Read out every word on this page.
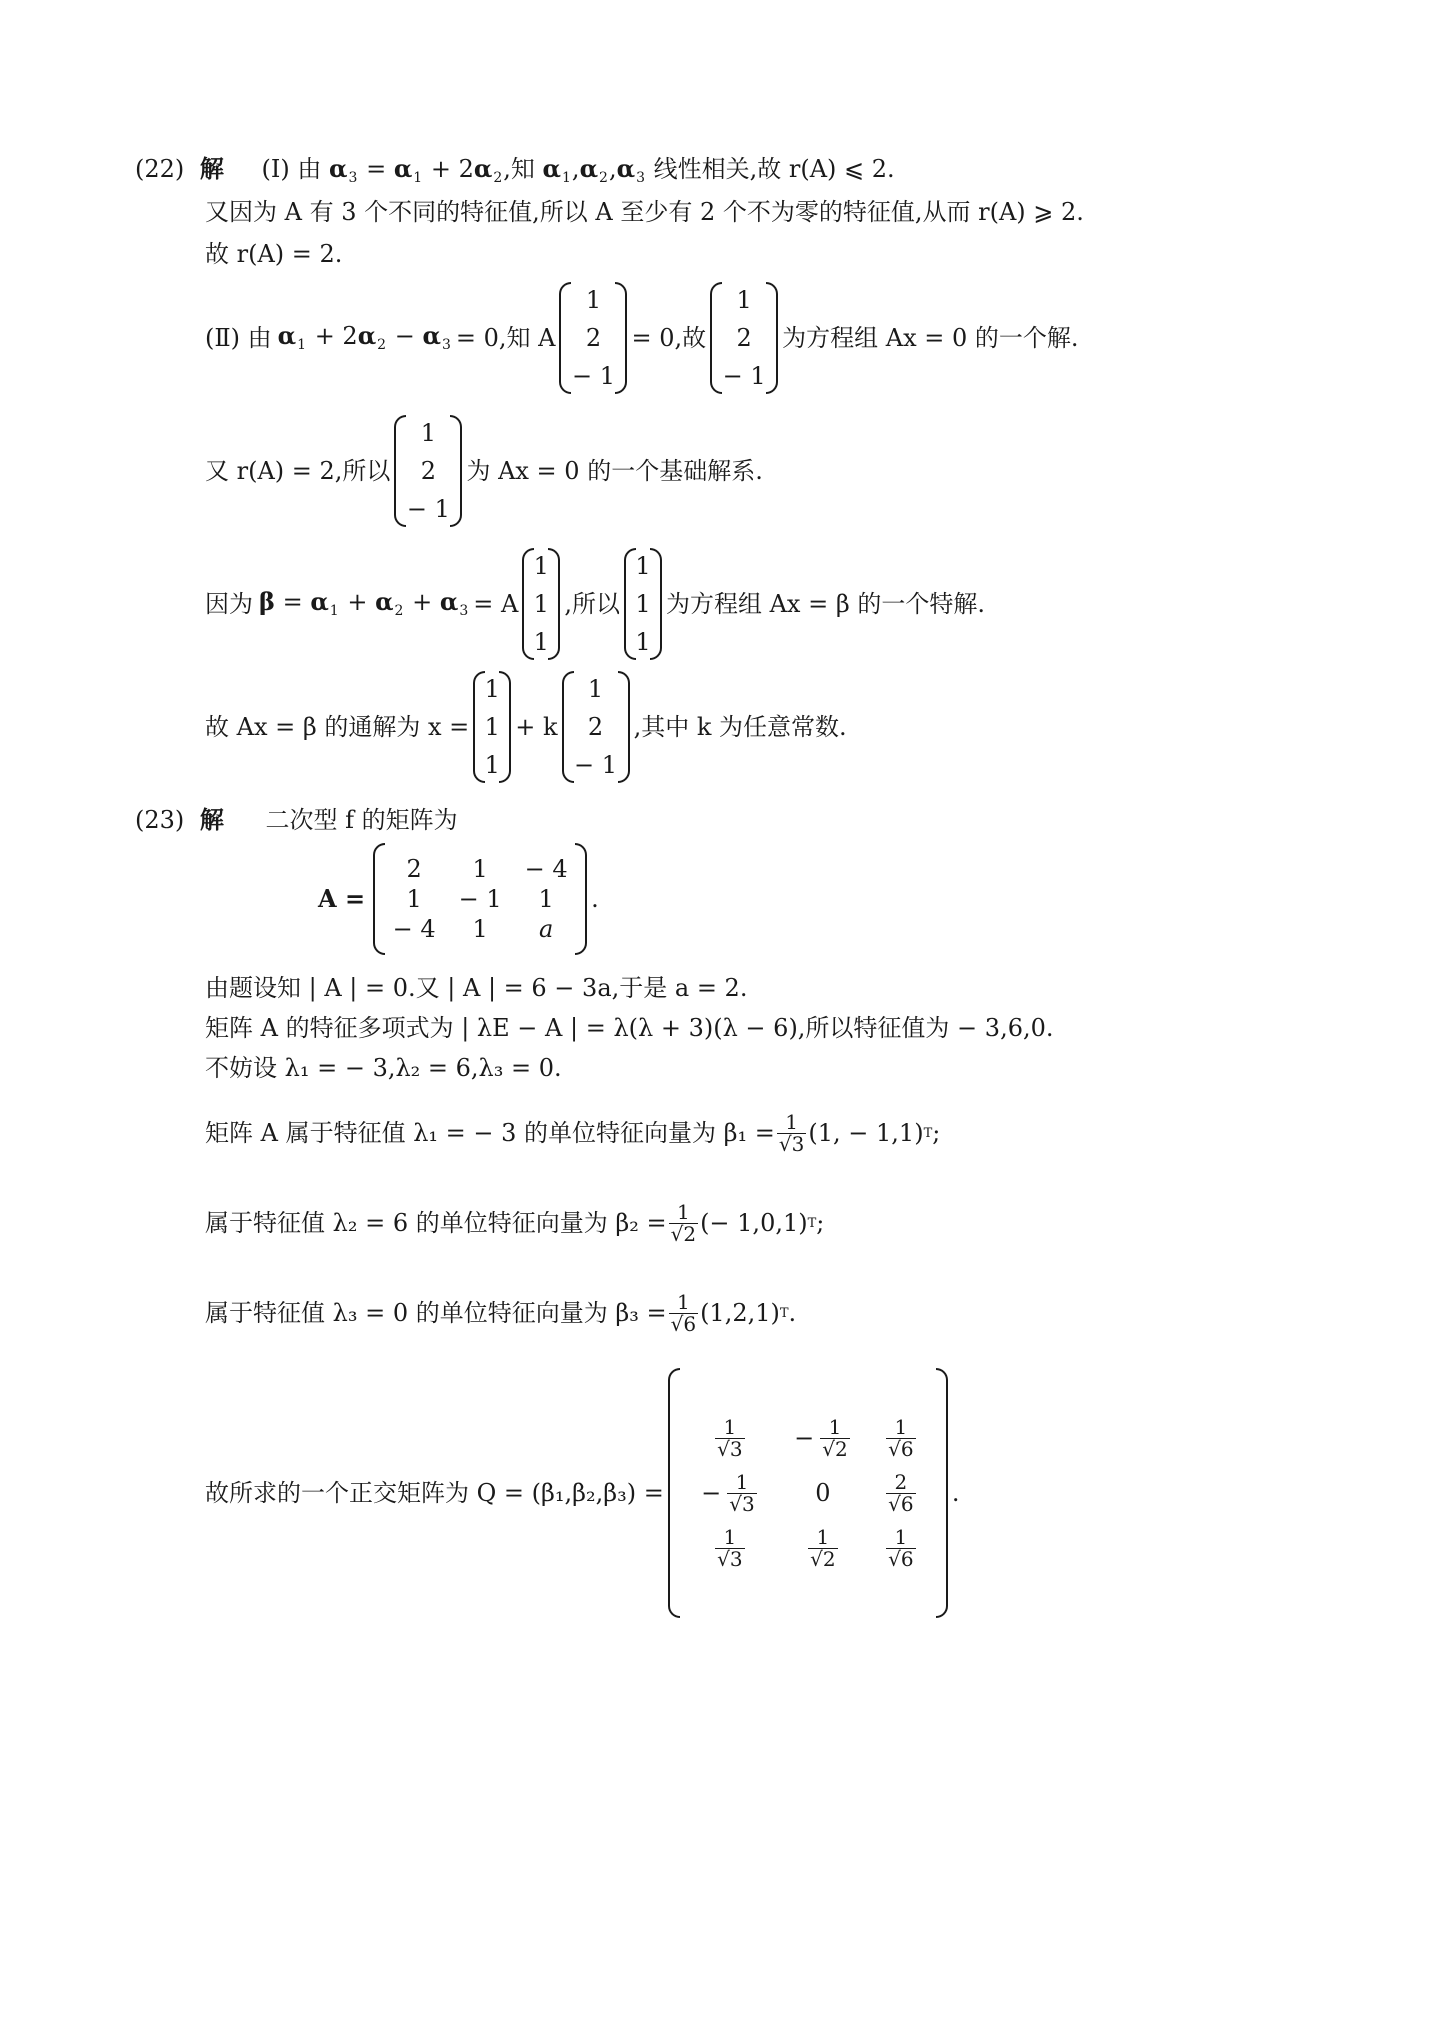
(22) 解 (Ⅰ) 由 $\alpha_3 = \alpha_1 + 2\alpha_2$,知 $\alpha_1,\alpha_2,\alpha_3$ 线性相关,故 r(A) ⩽ 2.
又因为 A 有 3 个不同的特征值,所以 A 至少有 2 个不为零的特征值,从而 r(A) ⩾ 2.
故 r(A) = 2.
(Ⅱ) 由 $\alpha_1 + 2\alpha_2 - \alpha_3 = 0$,知 A
1
2
− 1
= 0,故
1
2
− 1
为方程组 Ax = 0 的一个解.
又 r(A) = 2,所以
1
2
− 1
为 Ax = 0 的一个基础解系.
因为 $\beta = \alpha_1 + \alpha_2 + \alpha_3 = A$
1
1
1
,所以
1
1
1
为方程组 Ax = β 的一个特解.
故 Ax = β 的通解为 x =
1
1
1
+ k
1
2
− 1
,其中 k 为任意常数.
(23) 解 二次型 f 的矩阵为
A =
2 1 − 4
1 − 1 1
− 4 1 a
.
由题设知 | A | = 0.又 | A | = 6 − 3a,于是 a = 2.
矩阵 A 的特征多项式为 | λE − A | = λ(λ + 3)(λ − 6),所以特征值为 − 3,6,0.
不妨设 λ₁ = − 3,λ₂ = 6,λ₃ = 0.
矩阵 A 属于特征值 λ₁ = − 3 的单位特征向量为 $\beta_1 = \frac{1}{√3} (1$, − 1,1) T ;
属于特征值 λ₂ = 6 的单位特征向量为 $\beta_2 = \frac{1}{√2}$ (− 1,0,1) T ;
属于特征值 λ₃ = 0 的单位特征向量为 $\beta_3 = \frac{1}{√6} (1,2,1)$ T .
故所求的一个正交矩阵为 Q = (β₁,β₂,β₃) =
$\frac{1}{√3} - \frac{1}{√2} \frac{1}{√6}$
− $\frac{1}{√3} 0$	$\frac{2}{√6}$
$\frac{1}{√3}$	$\frac{1}{√2} \frac{1}{√6}$
.
